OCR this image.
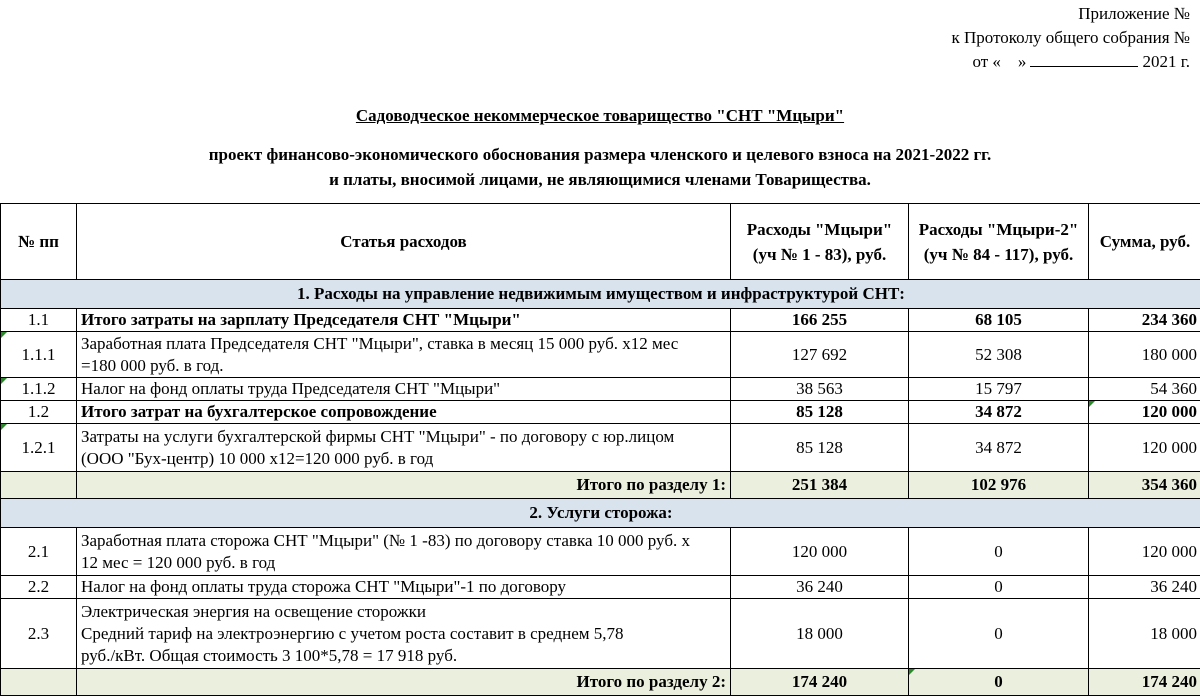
Приложение №
к Протоколу общего собрания №
от «    »	2021 г.
Садоводческое некоммерческое товарищество "СНТ "Мцыри"
проект финансово-экономического обоснования размера членского и целевого взноса на 2021-2022 гг.
и платы, вносимой лицами, не являющимися членами Товарищества.
№ пп	Статья расходов	Расходы "Мцыри"
(уч № 1 - 83), руб.	Расходы "Мцыри-2"
(уч № 84 - 117), руб.	Сумма, руб.
1. Расходы на управление недвижимым имуществом и инфраструктурой СНТ:				
1.1	Итого затраты на зарплату Председателя СНТ "Мцыри"	166 255	68 105	234 360
1.1.1	Заработная плата Председателя СНТ "Мцыри", ставка в месяц 15 000 руб. х12 мес
=180 000 руб. в год.	127 692	52 308	180 000
1.1.2	Налог на фонд оплаты труда Председателя СНТ "Мцыри"	38 563	15 797	54 360
1.2	Итого затрат на бухгалтерское сопровождение	85 128	34 872	120 000
1.2.1	Затраты на услуги бухгалтерской фирмы СНТ "Мцыри" - по договору с юр.лицом
(ООО "Бух-центр) 10 000 х12=120 000 руб. в год	85 128	34 872	120 000
	Итого по разделу 1:	251 384	102 976	354 360
2. Услуги сторожа:				
2.1	Заработная плата сторожа СНТ "Мцыри" (№ 1 -83) по договору ставка 10 000 руб. х
12 мес = 120 000 руб. в год	120 000	0	120 000
2.2	Налог на фонд оплаты труда сторожа СНТ "Мцыри"-1 по договору	36 240	0	36 240
2.3	Электрическая энергия на освещение сторожки
Средний тариф на электроэнергию с учетом роста составит в среднем 5,78
руб./кВт. Общая стоимость 3 100*5,78 = 17 918 руб.	18 000	0	18 000
	Итого по разделу 2:	174 240	0	174 240
